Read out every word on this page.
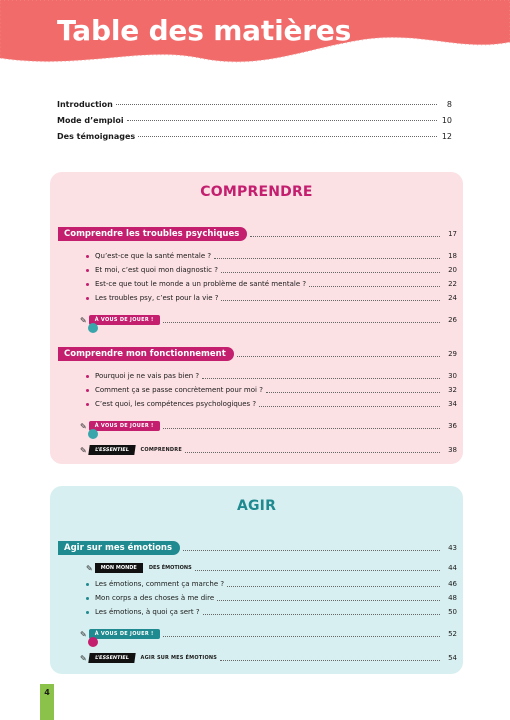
Table des matières
Introduction	8
Mode d’emploi	10
Des témoignages	12
COMPRENDRE
Comprendre les troubles psychiques	17
Qu’est-ce que la santé mentale ?	18
Et moi, c’est quoi mon diagnostic ?	20
Est-ce que tout le monde a un problème de santé mentale ?	22
Les troubles psy, c’est pour la vie ?	24
✎	À VOUS DE JOUER !	26
Comprendre mon fonctionnement	29
Pourquoi je ne vais pas bien ?	30
Comment ça se passe concrètement pour moi ?	32
C’est quoi, les compétences psychologiques ?	34
✎	À VOUS DE JOUER !	36
✎	L’ESSENTIEL	COMPRENDRE	38
AGIR
Agir sur mes émotions	43
✎	MON MONDE	DES ÉMOTIONS	44
Les émotions, comment ça marche ?	46
Mon corps a des choses à me dire	48
Les émotions, à quoi ça sert ?	50
✎	À VOUS DE JOUER !	52
✎	L’ESSENTIEL	AGIR SUR MES ÉMOTIONS	54
4
